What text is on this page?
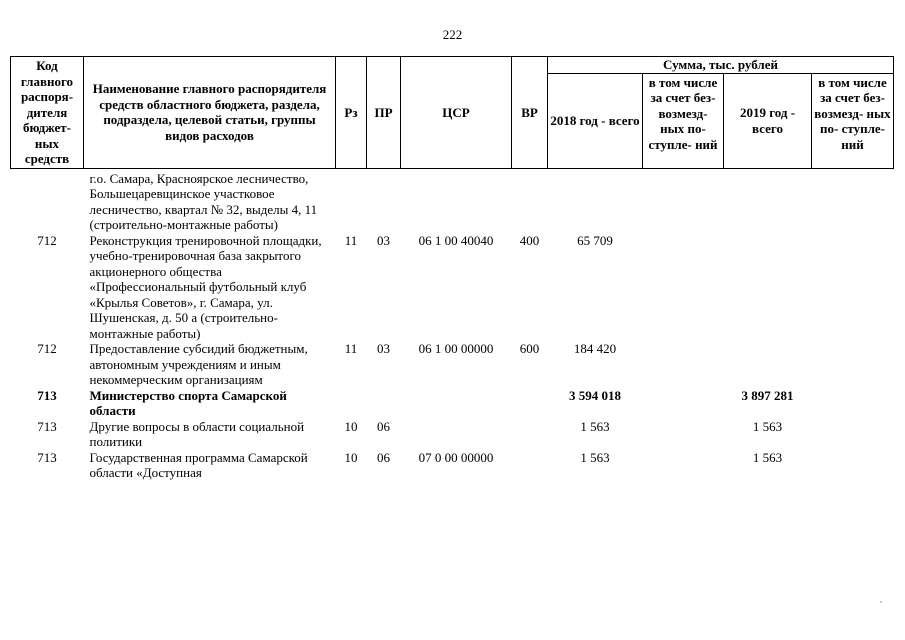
222
Код главного распоря- дителя бюджет- ных средств	Наименование главного распорядителя средств областного бюджета, раздела, подраздела, целевой статьи, группы видов расходов	Рз	ПР	ЦСР	ВР	Сумма, тыс. рублей			
						2018 год - всего	в том числе за счет без- возмезд- ных по- ступле- ний	2019 год - всего	в том числе за счет без- возмезд- ных по- ступле- ний
	г.о. Самара, Красноярское лесничество, Большецаревщинское участковое лесничество, квартал № 32, выделы 4, 11 (строительно-монтажные работы)								
712	Реконструкция тренировочной площадки, учебно-тренировочная база закрытого акционерного общества «Профессиональный футбольный клуб «Крылья Советов», г. Самара, ул. Шушенская, д. 50 а (строительно-монтажные работы)	11	03	06 1 00 40040	400	65 709			
712	Предоставление субсидий бюджетным, автономным учреждениям и иным некоммерческим организациям	11	03	06 1 00 00000	600	184 420			
713	Министерство спорта Самарской области					3 594 018		3 897 281	
713	Другие вопросы в области социальной политики	10	06			1 563		1 563	
713	Государственная программа Самарской области «Доступная	10	06	07 0 00 00000		1 563		1 563	
